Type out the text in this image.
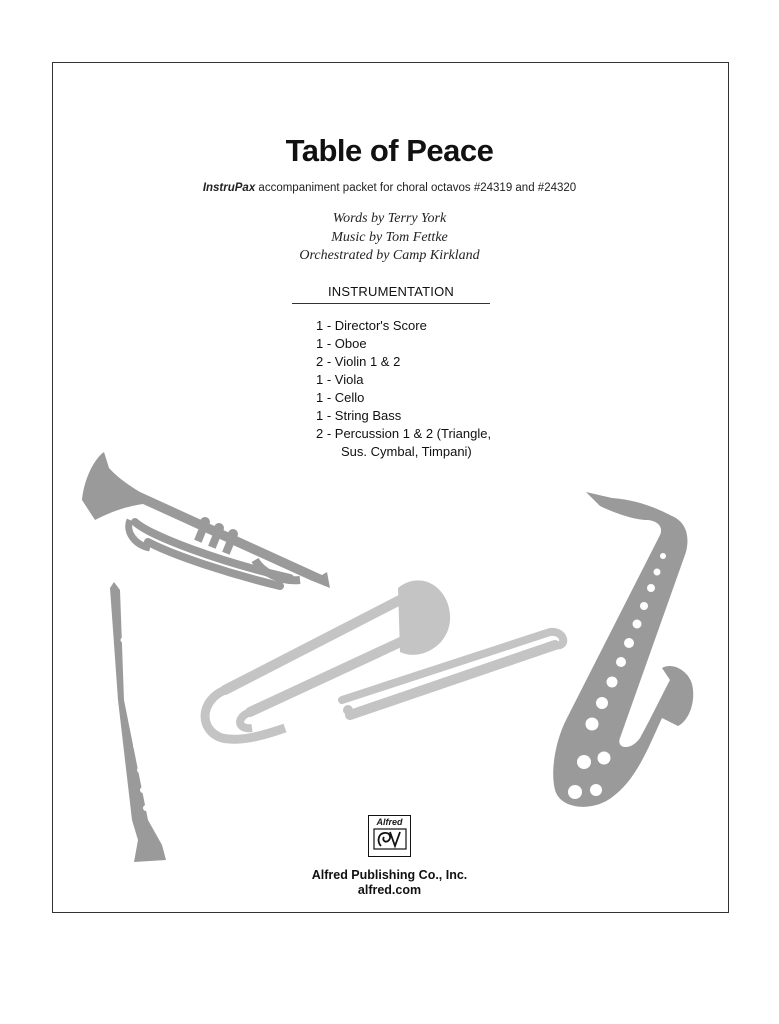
Table of Peace
InstruPax accompaniment packet for choral octavos #24319 and #24320
Words by Terry York
Music by Tom Fettke
Orchestrated by Camp Kirkland
INSTRUMENTATION
1 - Director's Score
1 - Oboe
2 - Violin 1 & 2
1 - Viola
1 - Cello
1 - String Bass
2 - Percussion 1 & 2 (Triangle,
Sus. Cymbal, Timpani)
Alfred
Alfred Publishing Co., Inc.
alfred.com
